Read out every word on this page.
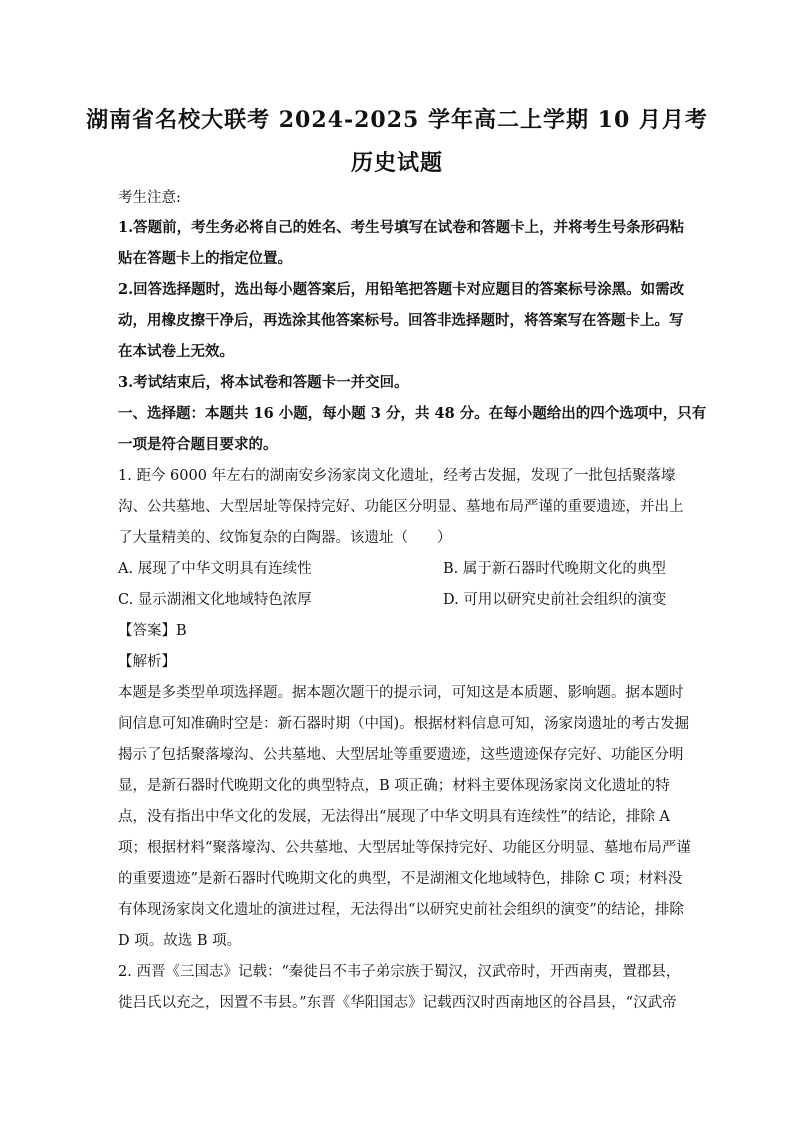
湖南省名校大联考 2024-2025 学年高二上学期 10 月月考
历史试题
考生注意:
1.答题前，考生务必将自己的姓名、考生号填写在试卷和答题卡上，并将考生号条形码粘
贴在答题卡上的指定位置。
2.回答选择题时，选出每小题答案后，用铅笔把答题卡对应题目的答案标号涂黑。如需改
动，用橡皮擦干净后，再选涂其他答案标号。回答非选择题时，将答案写在答题卡上。写
在本试卷上无效。
3.考试结束后，将本试卷和答题卡一并交回。
一、选择题：本题共 16 小题，每小题 3 分，共 48 分。在每小题给出的四个选项中，只有
一项是符合题目要求的。
1. 距今 6000 年左右的湖南安乡汤家岗文化遗址，经考古发掘，发现了一批包括聚落壕
沟、公共墓地、大型居址等保持完好、功能区分明显、墓地布局严谨的重要遗迹，并出上
了大量精美的、纹饰复杂的白陶器。该遗址（　　）
A. 展现了中华文明具有连续性	B. 属于新石器时代晚期文化的典型
C. 显示湖湘文化地域特色浓厚	D. 可用以研究史前社会组织的演变
【答案】B
【解析】
本题是多类型单项选择题。据本题次题干的提示词，可知这是本质题、影响题。据本题时
间信息可知准确时空是：新石器时期（中国)。根据材料信息可知，汤家岗遗址的考古发掘
揭示了包括聚落壕沟、公共墓地、大型居址等重要遗迹，这些遗迹保存完好、功能区分明
显，是新石器时代晚期文化的典型特点，B 项正确；材料主要体现汤家岗文化遗址的特
点，没有指出中华文化的发展，无法得出“展现了中华文明具有连续性”的结论，排除 A
项；根据材料“聚落壕沟、公共墓地、大型居址等保持完好、功能区分明显、墓地布局严谨
的重要遗迹”是新石器时代晚期文化的典型，不是湖湘文化地域特色，排除 C 项；材料没
有体现汤家岗文化遗址的演进过程，无法得出“以研究史前社会组织的演变”的结论，排除
D 项。故选 B 项。
2. 西晋《三国志》记载：“秦徙吕不韦子弟宗族于蜀汉，汉武帝时，开西南夷，置郡县，
徙吕氏以充之，因置不韦县。”东晋《华阳国志》记载西汉时西南地区的谷昌县，“汉武帝
